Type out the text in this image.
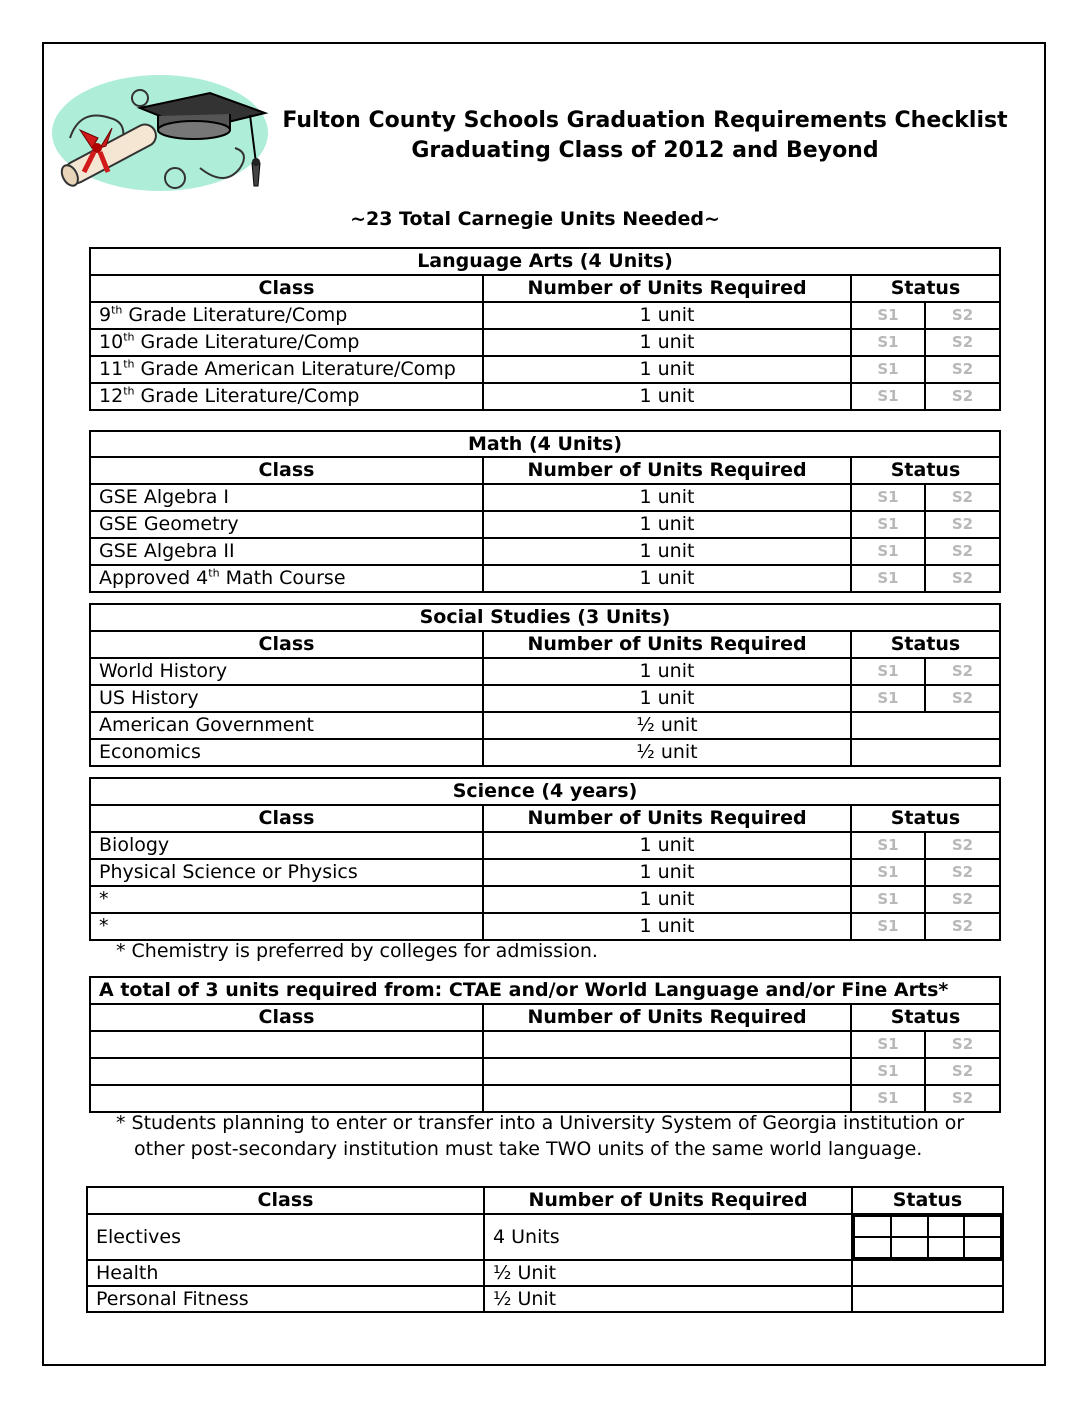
Fulton County Schools Graduation Requirements Checklist
Graduating Class of 2012 and Beyond
~23 Total Carnegie Units Needed~
Language Arts (4 Units)			
Class	Number of Units Required	Status	
9th Grade Literature/Comp	1 unit	S1	S2
10th Grade Literature/Comp	1 unit	S1	S2
11th Grade American Literature/Comp	1 unit	S1	S2
12th Grade Literature/Comp	1 unit	S1	S2
Math (4 Units)			
Class	Number of Units Required	Status	
GSE Algebra I	1 unit	S1	S2
GSE Geometry	1 unit	S1	S2
GSE Algebra II	1 unit	S1	S2
Approved 4th Math Course	1 unit	S1	S2
Social Studies (3 Units)			
Class	Number of Units Required	Status	
World History	1 unit	S1	S2
US History	1 unit	S1	S2
American Government	½ unit		
Economics	½ unit		
Science (4 years)			
Class	Number of Units Required	Status	
Biology	1 unit	S1	S2
Physical Science or Physics	1 unit	S1	S2
*	1 unit	S1	S2
*	1 unit	S1	S2
* Chemistry is preferred by colleges for admission.
A total of 3 units required from: CTAE and/or World Language and/or Fine Arts*			
Class	Number of Units Required	Status	
		S1	S2
		S1	S2
		S1	S2
* Students planning to enter or transfer into a University System of Georgia institution or
other post-secondary institution must take TWO units of the same world language.
Class	Number of Units Required	Status
Electives	4 Units	

Health	½ Unit	
Personal Fitness	½ Unit	
